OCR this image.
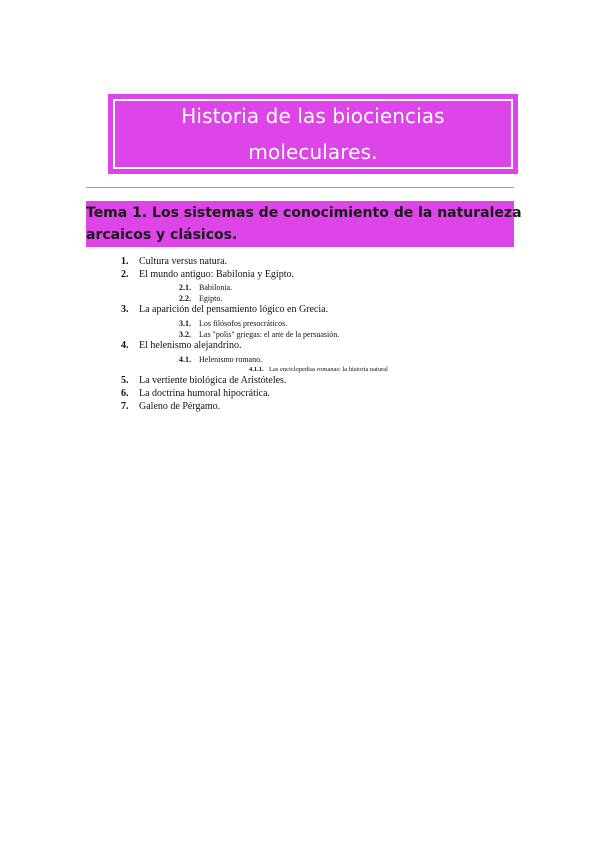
Historia de las biociencias
moleculares.
Tema 1. Los sistemas de conocimiento de la naturaleza
arcaicos y clásicos.
1. Cultura versus natura.
2. El mundo antiguo: Babilonia y Egipto.
2.1. Babilonia.
2.2. Egipto.
3. La aparición del pensamiento lógico en Grecia.
3.1. Los filósofos presocráticos.
3.2. Las "polis" griegas: el arte de la persuasión.
4. El helenismo alejandrino.
4.1. Helenismo romano.
4.1.1. Las enciclopedias romanas: la historia natural
5. La vertiente biológica de Aristóteles.
6. La doctrina humoral hipocrática.
7. Galeno de Pérgamo.
